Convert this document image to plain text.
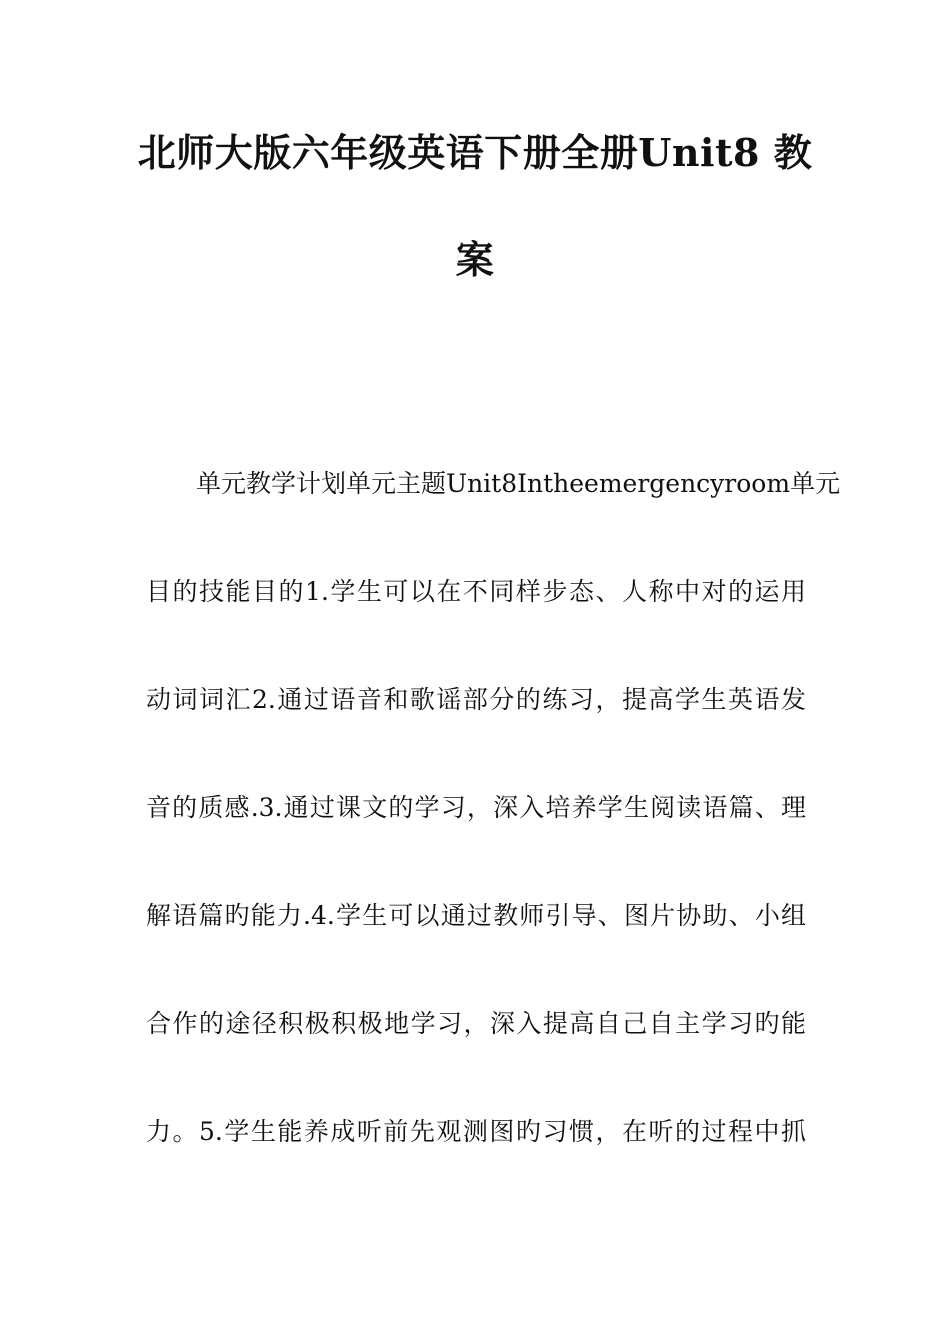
北师大版六年级英语下册全册Unit8 教
案
单元教学计划单元主题Unit8Intheemergencyroom单元
目的技能目的1.学生可以在不同样步态、人称中对的运用
动词词汇2.通过语音和歌谣部分的练习，提高学生英语发
音的质感.3.通过课文的学习，深入培养学生阅读语篇、理
解语篇旳能力.4.学生可以通过教师引导、图片协助、小组
合作的途径积极积极地学习，深入提高自己自主学习旳能
力。5.学生能养成听前先观测图旳习惯，在听的过程中抓
